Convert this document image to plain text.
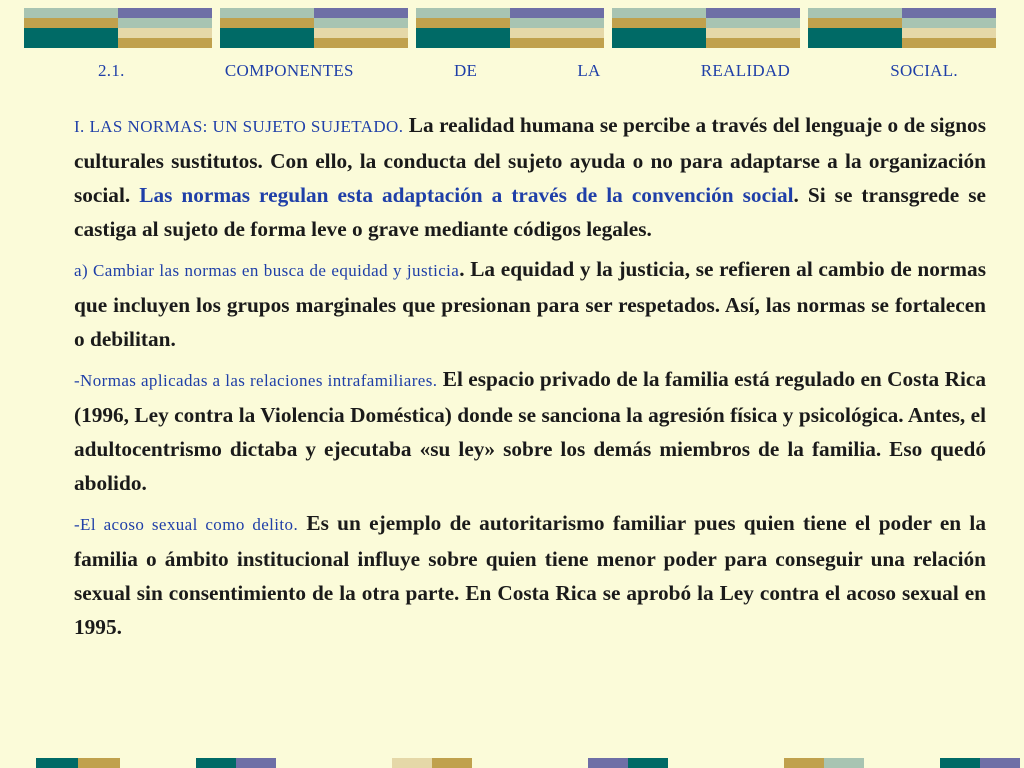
2.1.	COMPONENTES	DE	LA	REALIDAD	SOCIAL.

I. LAS NORMAS: UN SUJETO SUJETADO. La realidad humana se percibe a través del lenguaje o de signos culturales sustitutos. Con ello, la conducta del sujeto ayuda o no para adaptarse a la organización social. Las normas regulan esta adaptación a través de la convención social. Si se transgrede se castiga al sujeto de forma leve o grave mediante códigos legales.

a) Cambiar las normas en busca de equidad y justicia. La equidad y la justicia, se refieren al cambio de normas que incluyen los grupos marginales que presionan para ser respetados. Así, las normas se fortalecen o debilitan.

-Normas aplicadas a las relaciones intrafamiliares. El espacio privado de la familia está regulado en Costa Rica (1996, Ley contra la Violencia Doméstica) donde se sanciona la agresión física y psicológica. Antes, el adultocentrismo dictaba y ejecutaba «su ley» sobre los demás miembros de la familia. Eso quedó abolido.

-El acoso sexual como delito. Es un ejemplo de autoritarismo familiar pues quien tiene el poder en la familia o ámbito institucional influye sobre quien tiene menor poder para conseguir una relación sexual sin consentimiento de la otra parte. En Costa Rica se aprobó la Ley contra el acoso sexual en 1995.
